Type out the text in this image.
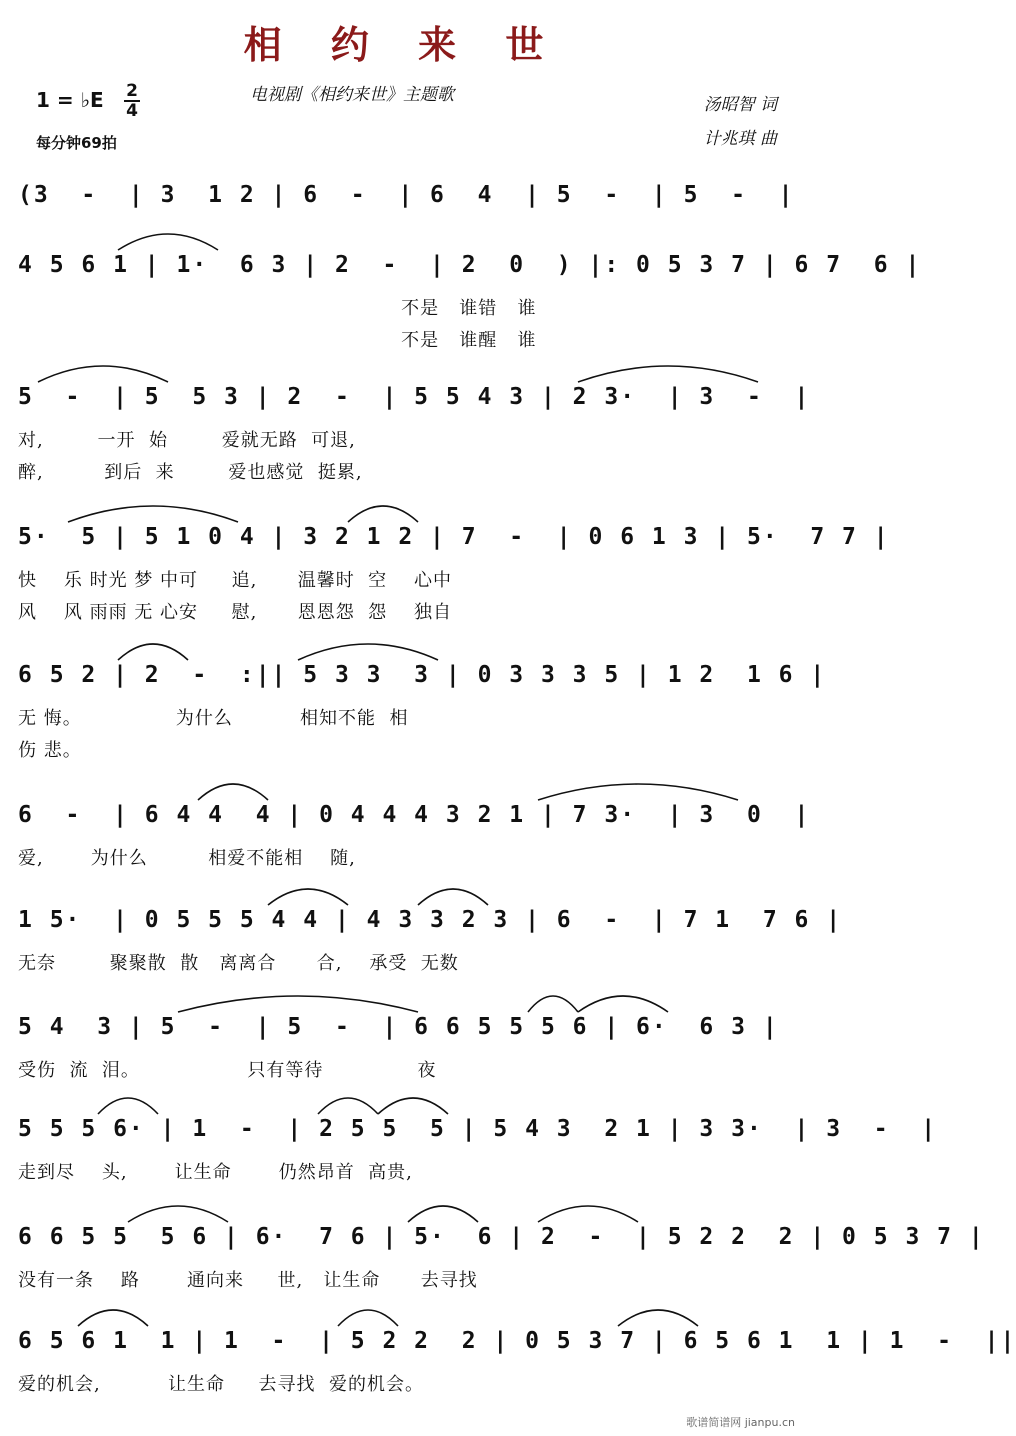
相 约 来 世
电视剧《相约来世》主题歌	汤昭智 词
计兆琪 曲
1 = ♭E 2
4
每分钟69拍
(3  -  | 3  1 2 | 6  -  | 6  4  | 5  -  | 5  -  |
4 5 6 1 | 1·  6 3 | 2  -  | 2  0  ) |: 0 5 3 7 | 6 7  6 |
不是   谁错   谁
不是   谁醒   谁
5  -  | 5  5 3 | 2  -  | 5 5 4 3 | 2 3·  | 3  -  |
对,        一开  始        爱就无路  可退,
醉,         到后  来        爱也感觉  挺累,
5·  5 | 5 1 0 4 | 3 2 1 2 | 7  -  | 0 6 1 3 | 5·  7 7 |
快    乐 时光 梦 中可     追,      温馨时  空    心中
风    风 雨雨 无 心安     慰,      恩恩怨  怨    独自
6 5 2 | 2  -  :|| 5 3 3  3 | 0 3 3 3 5 | 1 2  1 6 |
无 悔。              为什么          相知不能  相
伤 悲。
6  -  | 6 4 4  4 | 0 4 4 4 3 2 1 | 7 3·  | 3  0  |
爱,       为什么         相爱不能相    随,
1 5·  | 0 5 5 5 4 4 | 4 3 3 2 3 | 6  -  | 7 1  7 6 |
无奈        聚聚散  散   离离合      合,    承受  无数
5 4  3 | 5  -  | 5  -  | 6 6 5 5 5 6 | 6·  6 3 |
受伤  流  泪。                只有等待              夜
5 5 5 6· | 1  -  | 2 5 5  5 | 5 4 3  2 1 | 3 3·  | 3  -  |
走到尽    头,       让生命       仍然昂首  高贵,
6 6 5 5  5 6 | 6·  7 6 | 5·  6 | 2  -  | 5 2 2  2 | 0 5 3 7 |
没有一条    路       通向来     世,   让生命      去寻找
6 5 6 1  1 | 1  -  | 5 2 2  2 | 0 5 3 7 | 6 5 6 1  1 | 1  -  ||
爱的机会,          让生命     去寻找  爱的机会。
歌谱简谱网 jianpu.cn
